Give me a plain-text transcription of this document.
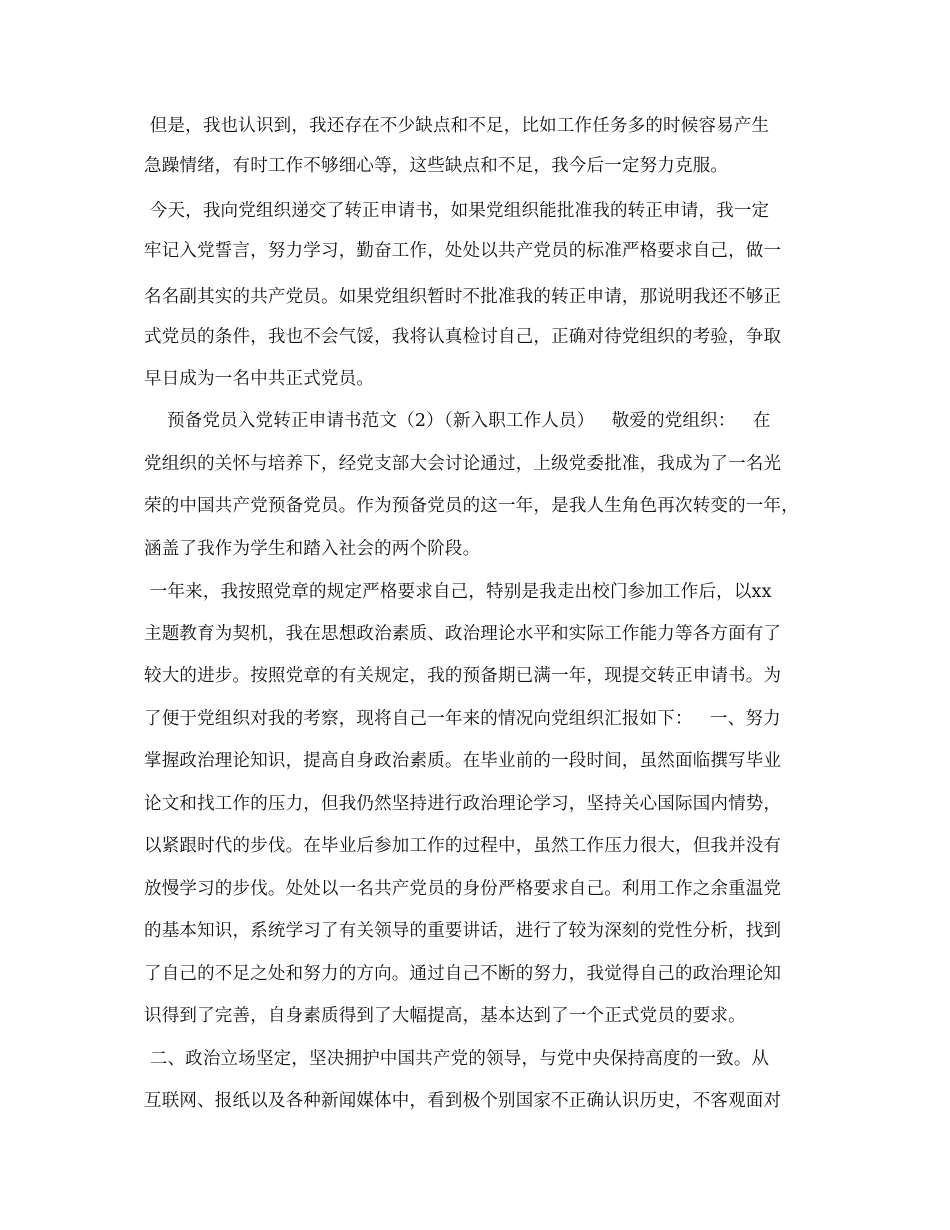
但是，我也认识到，我还存在不少缺点和不足，比如工作任务多的时候容易产生
急躁情绪，有时工作不够细心等，这些缺点和不足，我今后一定努力克服。
今天，我向党组织递交了转正申请书，如果党组织能批准我的转正申请，我一定
牢记入党誓言，努力学习，勤奋工作，处处以共产党员的标准严格要求自己，做一
名名副其实的共产党员。如果党组织暂时不批准我的转正申请，那说明我还不够正
式党员的条件，我也不会气馁，我将认真检讨自己，正确对待党组织的考验，争取
早日成为一名中共正式党员。
预备党员入党转正申请书范文（2）（新入职工作人员）   敬爱的党组织：   在
党组织的关怀与培养下，经党支部大会讨论通过，上级党委批准，我成为了一名光
荣的中国共产党预备党员。作为预备党员的这一年，是我人生角色再次转变的一年，
涵盖了我作为学生和踏入社会的两个阶段。
一年来，我按照党章的规定严格要求自己，特别是我走出校门参加工作后，以xx
主题教育为契机，我在思想政治素质、政治理论水平和实际工作能力等各方面有了
较大的进步。按照党章的有关规定，我的预备期已满一年，现提交转正申请书。为
了便于党组织对我的考察，现将自己一年来的情况向党组织汇报如下：   一、努力
掌握政治理论知识，提高自身政治素质。在毕业前的一段时间，虽然面临撰写毕业
论文和找工作的压力，但我仍然坚持进行政治理论学习，坚持关心国际国内情势，
以紧跟时代的步伐。在毕业后参加工作的过程中，虽然工作压力很大，但我并没有
放慢学习的步伐。处处以一名共产党员的身份严格要求自己。利用工作之余重温党
的基本知识，系统学习了有关领导的重要讲话，进行了较为深刻的党性分析，找到
了自己的不足之处和努力的方向。通过自己不断的努力，我觉得自己的政治理论知
识得到了完善，自身素质得到了大幅提高，基本达到了一个正式党员的要求。
二、政治立场坚定，坚决拥护中国共产党的领导，与党中央保持高度的一致。从
互联网、报纸以及各种新闻媒体中，看到极个别国家不正确认识历史，不客观面对
